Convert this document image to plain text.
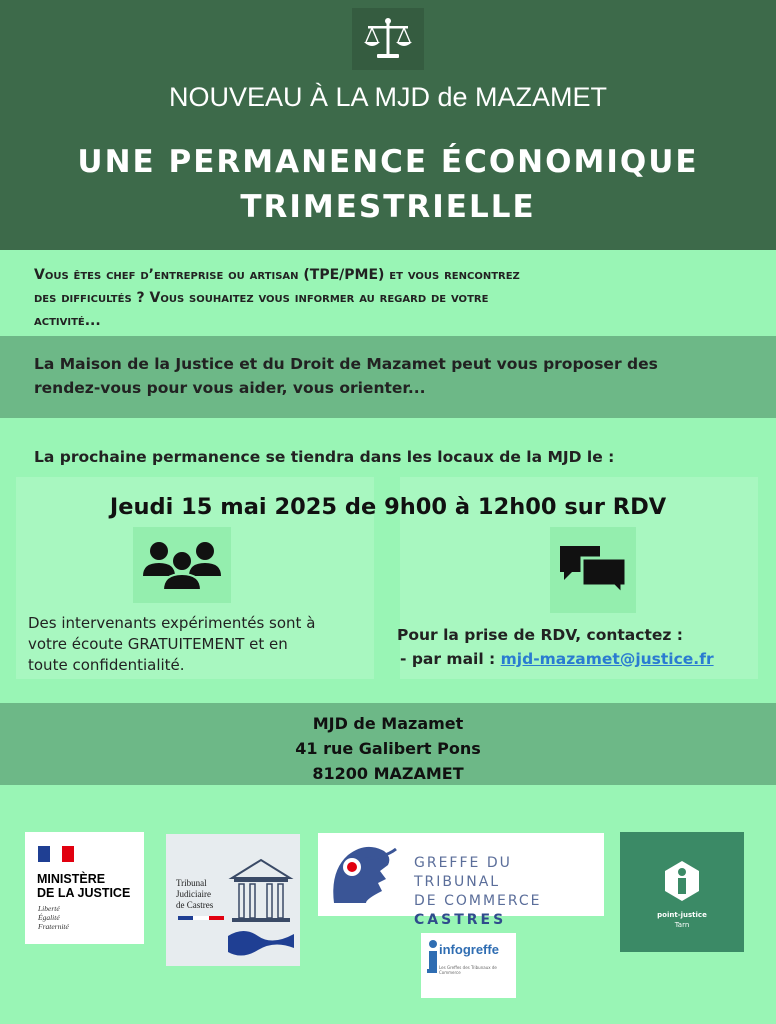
NOUVEAU À LA MJD de MAZAMET
UNE PERMANENCE ÉCONOMIQUE
TRIMESTRIELLE
Vous êtes chef d’entreprise ou artisan (TPE/PME) et vous rencontrez
des difficultés ? Vous souhaitez vous informer au regard de votre
activité...
La Maison de la Justice et du Droit de Mazamet peut vous proposer des
rendez-vous pour vous aider, vous orienter...
La prochaine permanence se tiendra dans les locaux de la MJD le :
Jeudi 15 mai 2025 de 9h00 à 12h00 sur RDV
Des intervenants expérimentés sont à
votre écoute GRATUITEMENT et en
toute confidentialité.
Pour la prise de RDV, contactez :
- par mail : mjd-mazamet@justice.fr
MJD de Mazamet
41 rue Galibert Pons
81200 MAZAMET
MINISTÈRE
DE LA JUSTICE
Liberté
Égalité
Fraternité
Tribunal
Judiciaire
de Castres
GREFFE DU TRIBUNAL
DE COMMERCE
CASTRES
infogreffe
Les Greffes des Tribunaux de Commerce
point-justice
Tarn
